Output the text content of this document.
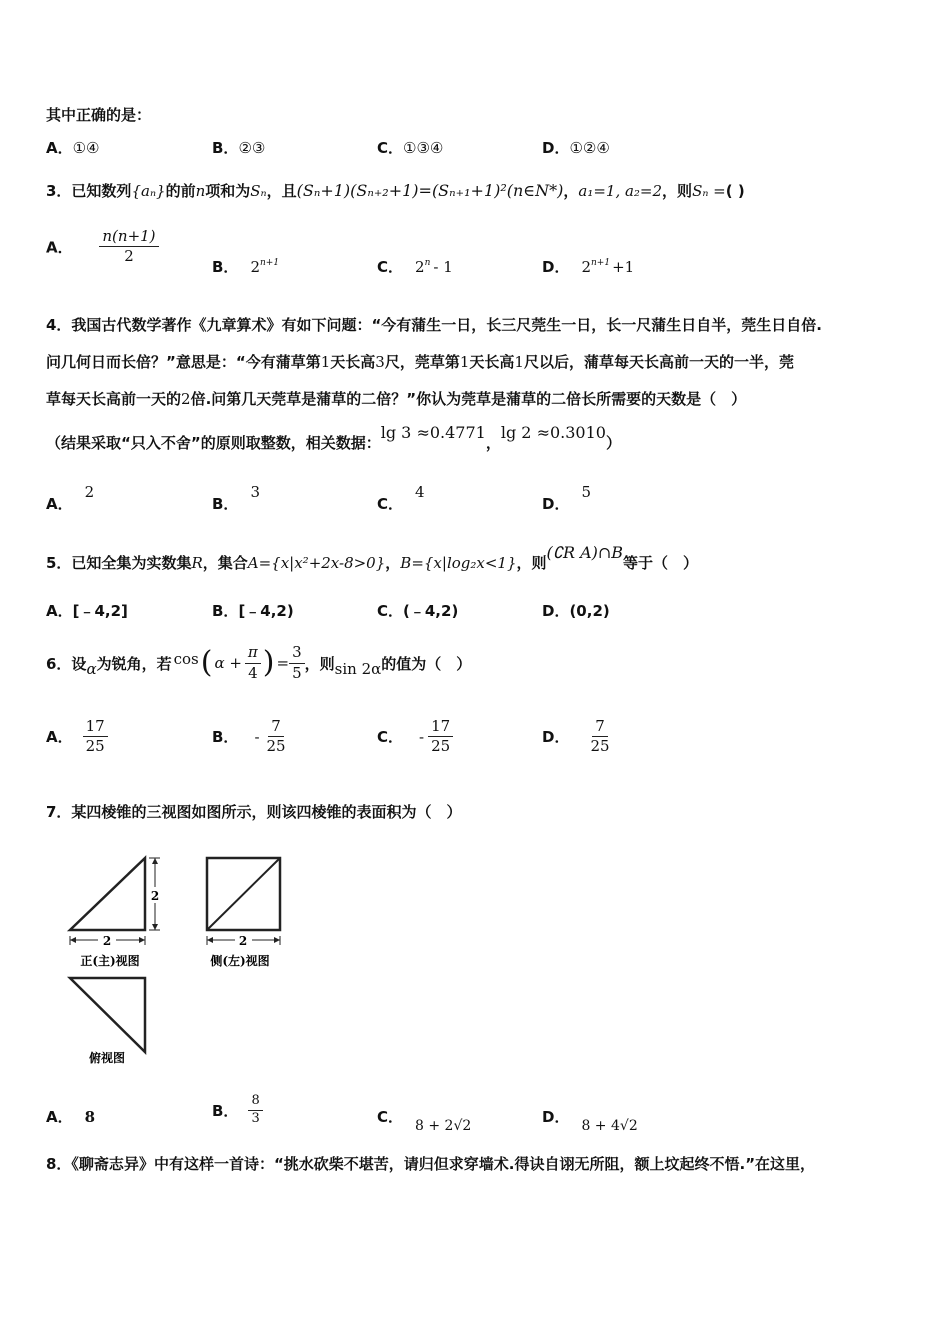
其中正确的是：
A．①④	B．②③	C．①③④	D．①②④
3．已知数列{aₙ}的前n项和为Sₙ，且(Sₙ+1)(Sₙ₊₂+1)=(Sₙ₊₁+1)²(n∈N*)，a₁=1, a₂=2，则Sₙ =( )
A． $\frac{n(n+1)}{2}$
B． $2^{n+1}$	C． 2$^n$ - 1	D． $2^{n+1} +1$
4．我国古代数学著作《九章算术》有如下问题：“今有蒲生一日，长三尺莞生一日，长一尺蒲生日自半，莞生日自倍.
问几何日而长倍？”意思是：“今有蒲草第1天长高3尺，莞草第1天长高1尺以后，蒲草每天长高前一天的一半，莞
草每天长高前一天的2倍.问第几天莞草是蒲草的二倍？”你认为莞草是蒲草的二倍长所需要的天数是（　）
（结果采取“只入不舍”的原则取整数，相关数据：lg 3 ≈0.4771，lg 2 ≈0.3010）
A．2
B．3
C．4
D．5
5．已知全集为实数集R，集合A={x|x²+2x-8>0}，B={x|log₂x<1}，则(∁R A)∩B等于（　）
A．[﹣4,2]	B．[﹣4,2)	C．(﹣4,2)	D．(0,2)
6．设 α 为锐角，若 cos ( $\alpha + \frac{\pi}{4}$ ) = $\frac{3}{5}$ ，则 sin 2α 的值为（　）
A． $\frac{17}{25}$	B． - $\frac{7}{25}$	C． - $\frac{17}{25}$	D． $\frac{7}{25}$
7．某四棱锥的三视图如图所示，则该四棱锥的表面积为（　）
2
2
正(主)视图
2
侧(左)视图
俯视图
A． 8	B． $\frac{8}{3}$	C． 8 + 2√2	D． 8 + 4√2
8．《聊斋志异》中有这样一首诗：“挑水砍柴不堪苦，请归但求穿墙术.得诀自诩无所阻，额上坟起终不悟.”在这里，
